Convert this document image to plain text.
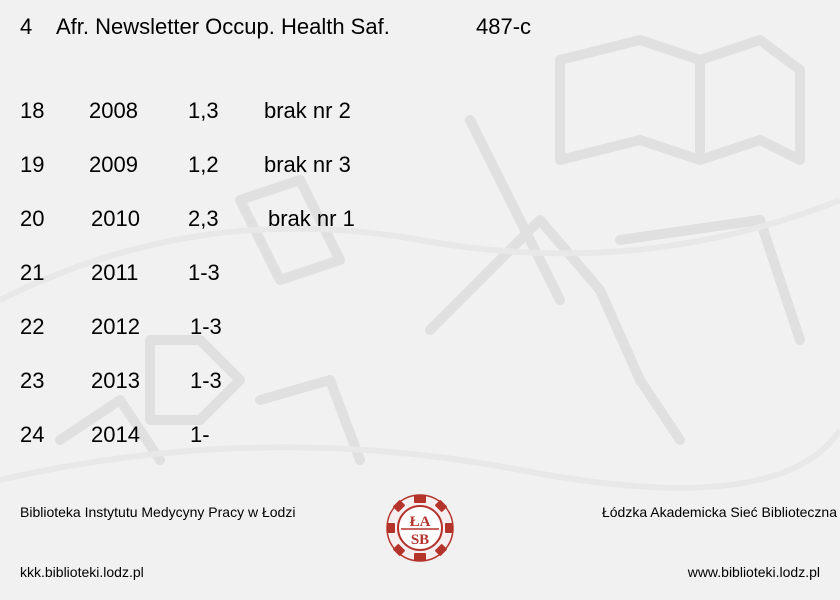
4 Afr. Newsletter Occup. Health Saf.	487-c
18 2008 1,3 brak nr 2
19 2009 1,2 brak nr 3
20 2010 2,3 brak nr 1
21 2011 1-3
22 2012 1-3
23 2013 1-3
24 2014 1-
Biblioteka Instytutu Medycyny Pracy w Łodzi	Łódzka Akademicka Sieć Biblioteczna
kkk.biblioteki.lodz.pl	www.biblioteki.lodz.pl
ŁA
SB
